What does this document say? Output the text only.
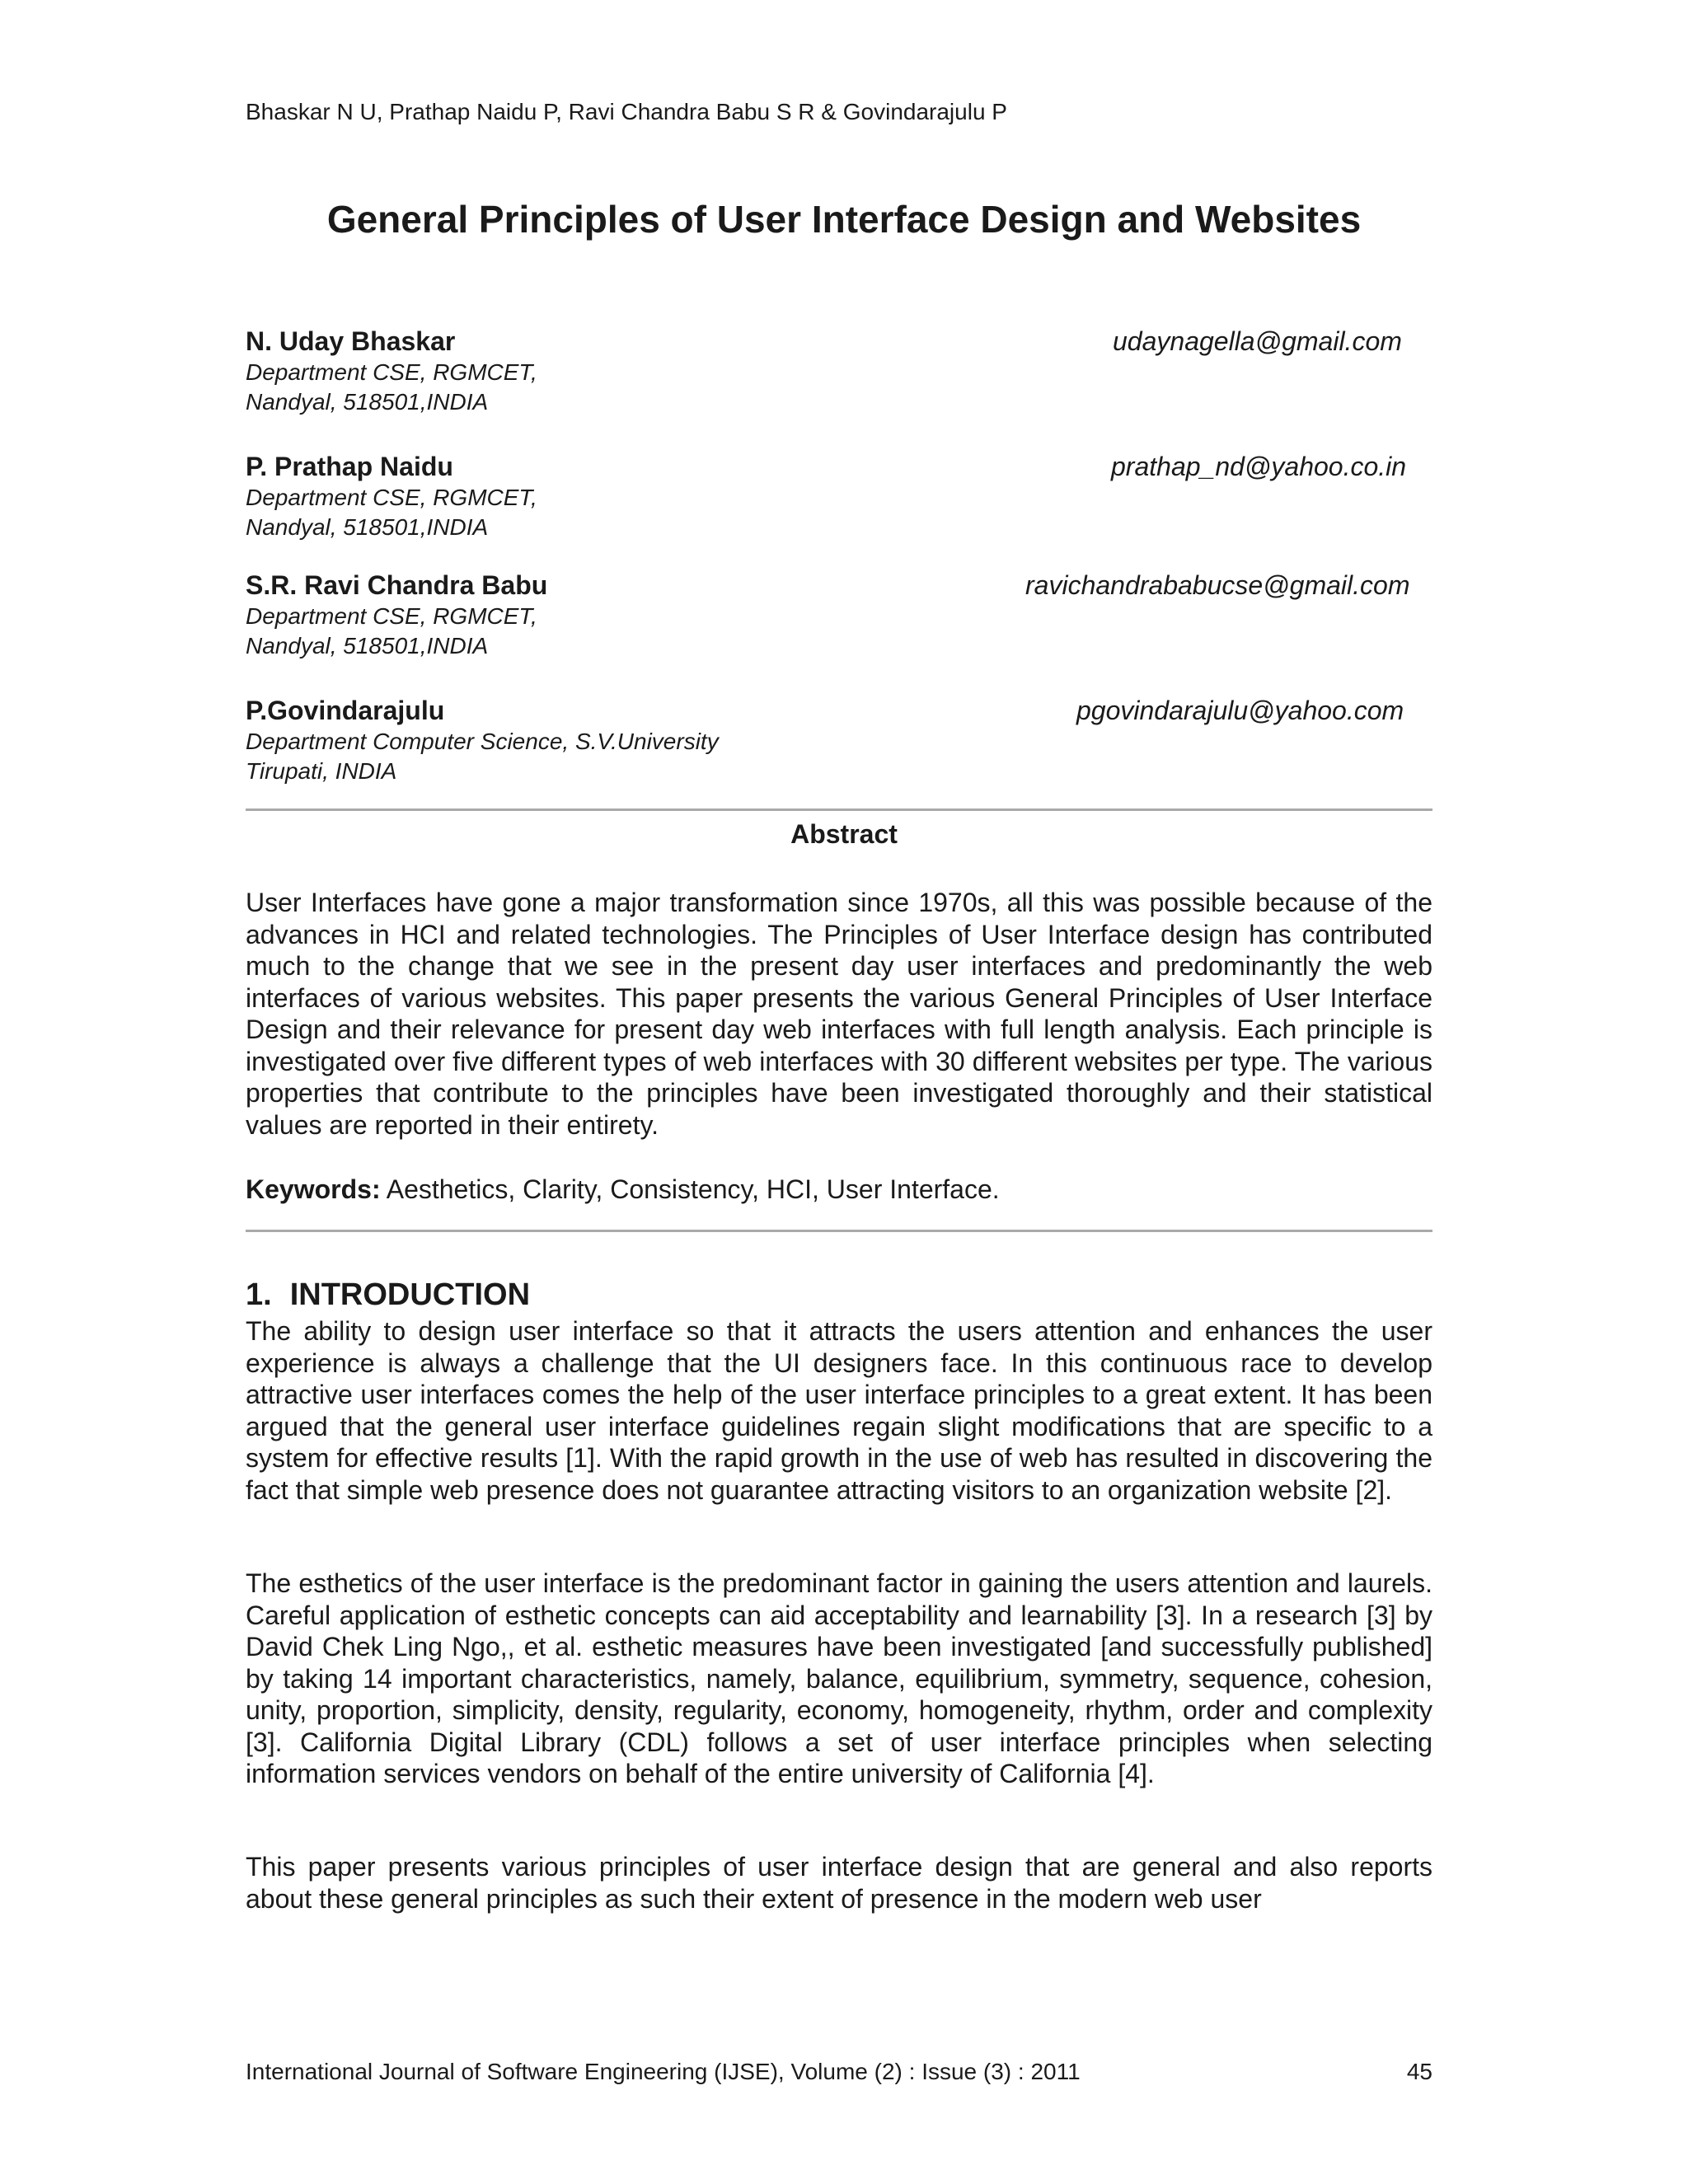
Bhaskar N U, Prathap Naidu P, Ravi Chandra Babu S R & Govindarajulu P
General Principles of User Interface Design and Websites
N. Uday Bhaskar
Department CSE, RGMCET,
Nandyal, 518501,INDIA
udaynagella@gmail.com
P. Prathap Naidu
Department CSE, RGMCET,
Nandyal, 518501,INDIA
prathap_nd@yahoo.co.in
S.R. Ravi Chandra Babu
Department CSE, RGMCET,
Nandyal, 518501,INDIA
ravichandrababucse@gmail.com
P.Govindarajulu
Department Computer Science, S.V.University
Tirupati, INDIA
pgovindarajulu@yahoo.com
Abstract

User Interfaces have gone a major transformation since 1970s, all this was possible because of the advances in HCI and related technologies. The Principles of User Interface design has contributed much to the change that we see in the present day user interfaces and predominantly the web interfaces of various websites. This paper presents the various General Principles of User Interface Design and their relevance for present day web interfaces with full length analysis. Each principle is investigated over five different types of web interfaces with 30 different websites per type. The various properties that contribute to the principles have been investigated thoroughly and their statistical values are reported in their entirety.

Keywords: Aesthetics, Clarity, Consistency, HCI, User Interface.

1. INTRODUCTION

The ability to design user interface so that it attracts the users attention and enhances the user experience is always a challenge that the UI designers face. In this continuous race to develop attractive user interfaces comes the help of the user interface principles to a great extent. It has been argued that the general user interface guidelines regain slight modifications that are specific to a system for effective results [1]. With the rapid growth in the use of web has resulted in discovering the fact that simple web presence does not guarantee attracting visitors to an organization website [2].

The esthetics of the user interface is the predominant factor in gaining the users attention and laurels. Careful application of esthetic concepts can aid acceptability and learnability [3]. In a research [3] by David Chek Ling Ngo,, et al. esthetic measures have been investigated [and successfully published] by taking 14 important characteristics, namely, balance, equilibrium, symmetry, sequence, cohesion, unity, proportion, simplicity, density, regularity, economy, homogeneity, rhythm, order and complexity [3]. California Digital Library (CDL) follows a set of user interface principles when selecting information services vendors on behalf of the entire university of California [4].

This paper presents various principles of user interface design that are general and also reports about these general principles as such their extent of presence in the modern web user

International Journal of Software Engineering (IJSE), Volume (2) : Issue (3) : 2011	45
